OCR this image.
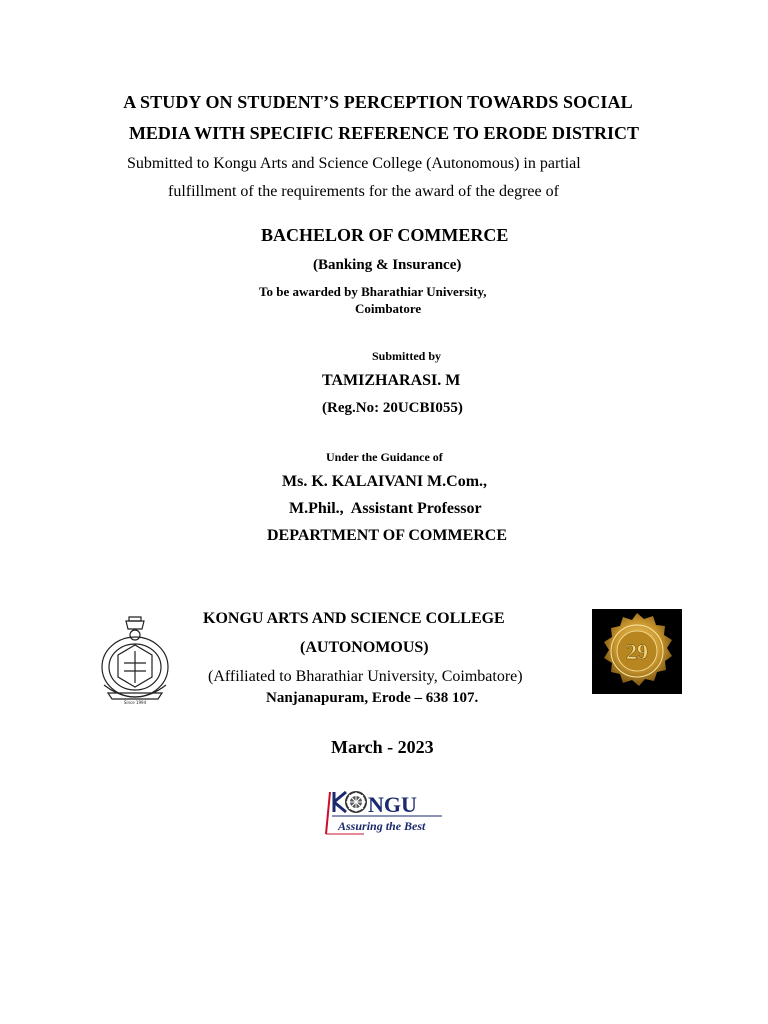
A STUDY ON STUDENT’S PERCEPTION TOWARDS SOCIAL
MEDIA WITH SPECIFIC REFERENCE TO ERODE DISTRICT
Submitted to Kongu Arts and Science College (Autonomous) in partial
fulfillment of the requirements for the award of the degree of
BACHELOR OF COMMERCE
(Banking & Insurance)
To be awarded by Bharathiar University,
Coimbatore
Submitted by
TAMIZHARASI. M
(Reg.No: 20UCBI055)
Under the Guidance of
Ms. K. KALAIVANI M.Com.,
M.Phil.,  Assistant Professor
DEPARTMENT OF COMMERCE
Since 1994
KONGU ARTS AND SCIENCE COLLEGE
(AUTONOMOUS)
(Affiliated to Bharathiar University, Coimbatore)
Nanjanapuram, Erode – 638 107.
29
March - 2023
NGU
Assuring the Best
